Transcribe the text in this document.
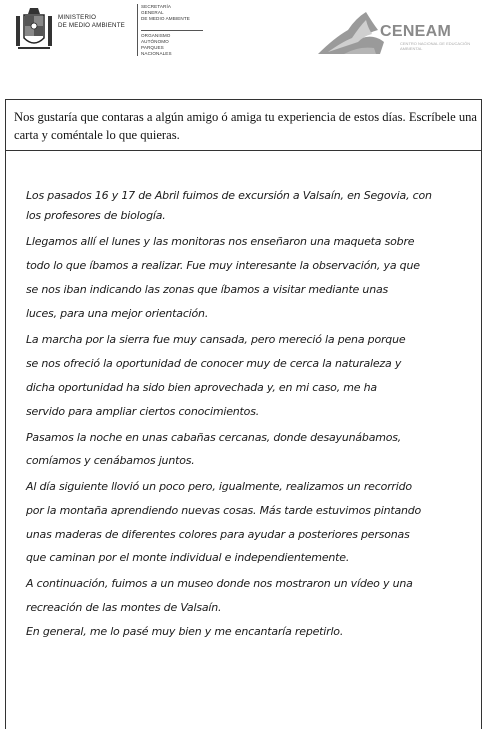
MINISTERIO
DE MEDIO AMBIENTE
SECRETARÍA
GENERAL
DE MEDIO AMBIENTE
ORGANISMO
AUTÓNOMO
PARQUES
NACIONALES
CENEAM
CENTRO NACIONAL DE EDUCACIÓN AMBIENTAL
Nos gustaría que contaras a algún amigo ó amiga tu experiencia de estos días. Escríbele una carta y coméntale lo que quieras.
Los pasados 16 y 17 de Abril fuimos de excursión a Valsaín, en Segovia, con
los profesores de biología.
Llegamos allí el lunes y las monitoras nos enseñaron una maqueta sobre
todo lo que íbamos a realizar. Fue muy interesante la observación, ya que
se nos iban indicando las zonas que íbamos a visitar mediante unas
luces, para una mejor orientación.
La marcha por la sierra fue muy cansada, pero mereció la pena porque
se nos ofreció la oportunidad de conocer muy de cerca la naturaleza y
dicha oportunidad ha sido bien aprovechada y, en mi caso, me ha
servido para ampliar ciertos conocimientos.
Pasamos la noche en unas cabañas cercanas, donde desayunábamos,
comíamos y cenábamos juntos.
Al día siguiente llovió un poco pero, igualmente, realizamos un recorrido
por la montaña aprendiendo nuevas cosas. Más tarde estuvimos pintando
unas maderas de diferentes colores para ayudar a posteriores personas
que caminan por el monte individual e independientemente.
A continuación, fuimos a un museo donde nos mostraron un vídeo y una
recreación de las montes de Valsaín.
En general, me lo pasé muy bien y me encantaría repetirlo.
